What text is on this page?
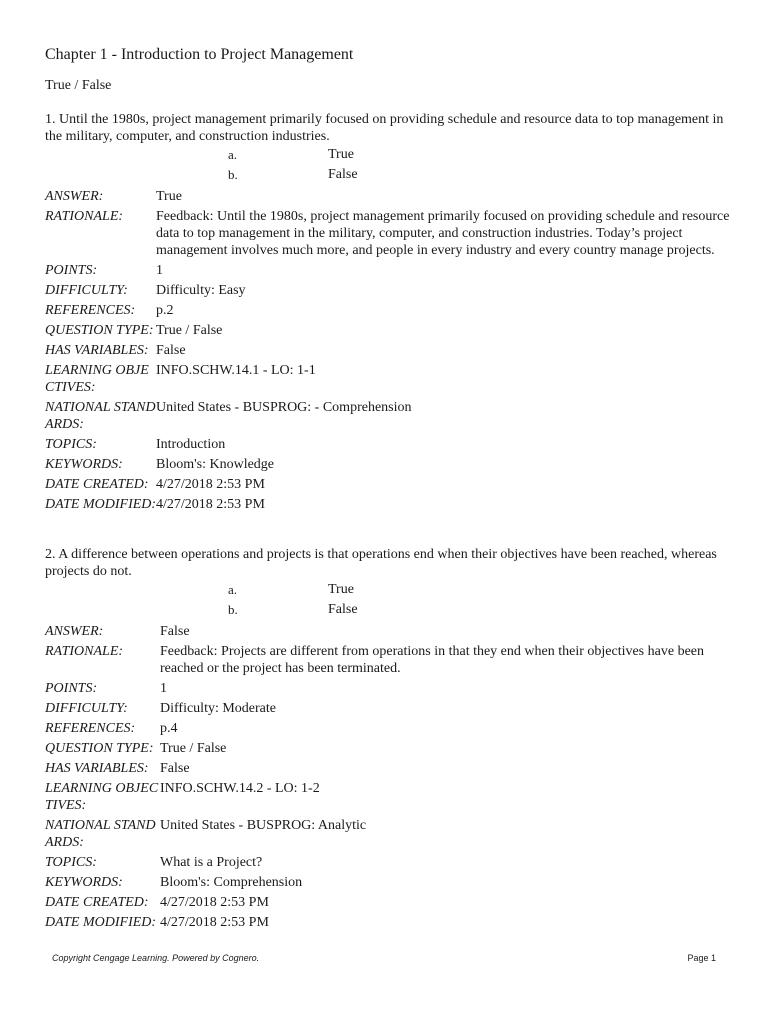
Chapter 1 - Introduction to Project Management
True / False
1. Until the 1980s, project management primarily focused on providing schedule and resource data to top management in the military, computer, and construction industries.
a.	True
b.	False
ANSWER:	True
RATIONALE:	Feedback: Until the 1980s, project management primarily focused on providing schedule and resource data to top management in the military, computer, and construction industries. Today’s project management involves much more, and people in every industry and every country manage projects.
POINTS:	1
DIFFICULTY:	Difficulty: Easy
REFERENCES:	p.2
QUESTION TYPE: True / False
HAS VARIABLES: False
LEARNING OBJECTIVES:
INFO.SCHW.14.1 - LO: 1-1
NATIONAL STANDARDS:
United States - BUSPROG: - Comprehension
TOPICS:	Introduction
KEYWORDS:	Bloom's: Knowledge
DATE CREATED: 4/27/2018 2:53 PM
DATE MODIFIED: 4/27/2018 2:53 PM
2. A difference between operations and projects is that operations end when their objectives have been reached, whereas projects do not.
a.	True
b.	False
ANSWER:	False
RATIONALE:	Feedback: Projects are different from operations in that they end when their objectives have been reached or the project has been terminated.
POINTS:	1
DIFFICULTY:	Difficulty: Moderate
REFERENCES:	p.4
QUESTION TYPE: True / False
HAS VARIABLES: False
LEARNING OBJECTIVES:
INFO.SCHW.14.2 - LO: 1-2
NATIONAL STANDARDS:
United States - BUSPROG: Analytic
TOPICS:	What is a Project?
KEYWORDS:	Bloom's: Comprehension
DATE CREATED: 4/27/2018 2:53 PM
DATE MODIFIED: 4/27/2018 2:53 PM
Copyright Cengage Learning. Powered by Cognero.	Page 1
